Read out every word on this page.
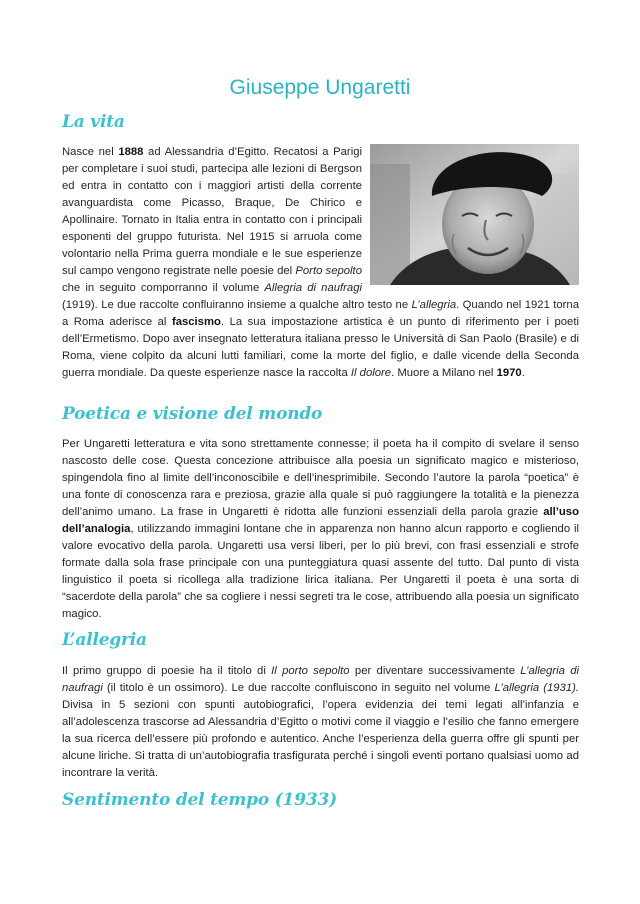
Giuseppe Ungaretti
La vita

Nasce nel 1888 ad Alessandria d’Egitto. Recatosi a Parigi per completare i suoi studi, partecipa alle lezioni di Bergson ed entra in contatto con i maggiori artisti della corrente avanguardista come Picasso, Braque, De Chirico e Apollinaire. Tornato in Italia entra in contatto con i principali esponenti del gruppo futurista. Nel 1915 si arruola come volontario nella Prima guerra mondiale e le sue esperienze sul campo vengono registrate nelle poesie del Porto sepolto che in seguito comporranno il volume Allegria di naufragi (1919). Le due raccolte confluiranno insieme a qualche altro testo ne L’allegria. Quando nel 1921 torna a Roma aderisce al fascismo. La sua impostazione artistica è un punto di riferimento per i poeti dell’Ermetismo. Dopo aver insegnato letteratura italiana presso le Università di San Paolo (Brasile) e di Roma, viene colpito da alcuni lutti familiari, come la morte del figlio, e dalle vicende della Seconda guerra mondiale. Da queste esperienze nasce la raccolta Il dolore. Muore a Milano nel 1970.

Poetica e visione del mondo

Per Ungaretti letteratura e vita sono strettamente connesse; il poeta ha il compito di svelare il senso nascosto delle cose. Questa concezione attribuisce alla poesia un significato magico e misterioso, spingendola fino al limite dell’inconoscibile e dell’inesprimibile. Secondo l’autore la parola “poetica” è una fonte di conoscenza rara e preziosa, grazie alla quale si può raggiungere la totalità e la pienezza dell’animo umano. La frase in Ungaretti è ridotta alle funzioni essenziali della parola grazie all’uso dell’analogia, utilizzando immagini lontane che in apparenza non hanno alcun rapporto e cogliendo il valore evocativo della parola. Ungaretti usa versi liberi, per lo più brevi, con frasi essenziali e strofe formate dalla sola frase principale con una punteggiatura quasi assente del tutto. Dal punto di vista linguistico il poeta si ricollega alla tradizione lirica italiana. Per Ungaretti il poeta è una sorta di “sacerdote della parola” che sa cogliere i nessi segreti tra le cose, attribuendo alla poesia un significato magico.

L’allegria

Il primo gruppo di poesie ha il titolo di Il porto sepolto per diventare successivamente L’allegria di naufragi (il titolo è un ossimoro). Le due raccolte confluiscono in seguito nel volume L’allegria (1931). Divisa in 5 sezioni con spunti autobiografici, l’opera evidenzia dei temi legati all’infanzia e all’adolescenza trascorse ad Alessandria d’Egitto o motivi come il viaggio e l’esilio che fanno emergere la sua ricerca dell’essere più profondo e autentico. Anche l’esperienza della guerra offre gli spunti per alcune liriche. Si tratta di un’autobiografia trasfigurata perché i singoli eventi portano qualsiasi uomo ad incontrare la verità.

Sentimento del tempo (1933)
